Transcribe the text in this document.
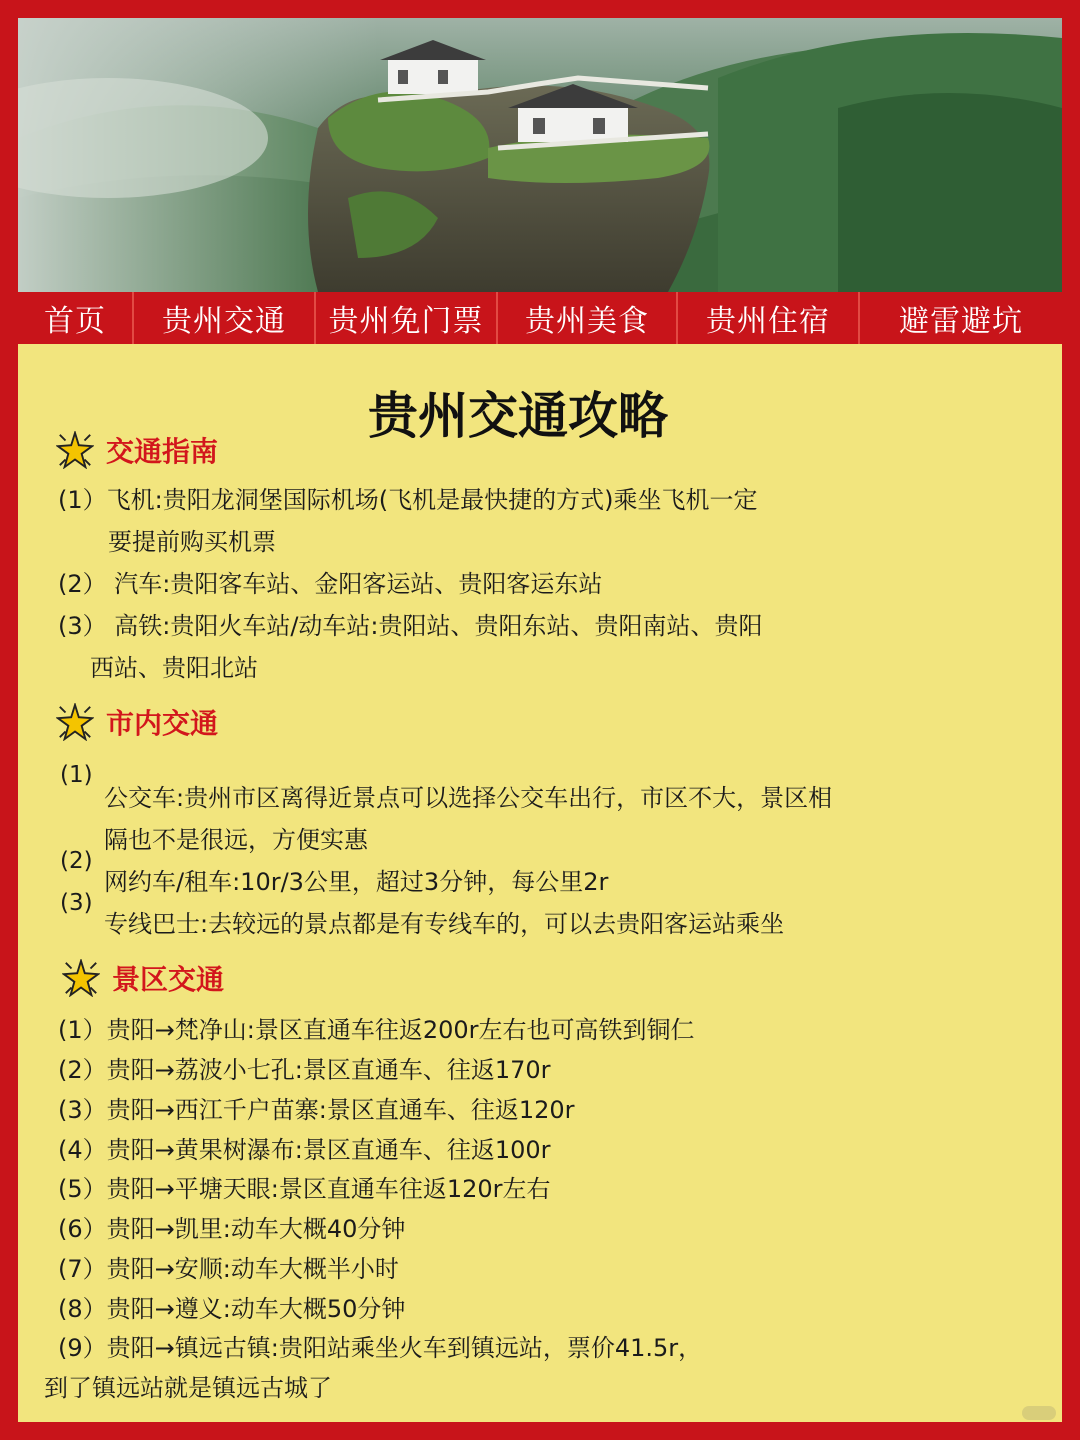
首页	贵州交通	贵州免门票	贵州美食	贵州住宿	避雷避坑
贵州交通攻略
交通指南
(1）飞机:贵阳龙洞堡国际机场(飞机是最快捷的方式)乘坐飞机一定
要提前购买机票
(2） 汽车:贵阳客车站、金阳客运站、贵阳客运东站
(3） 高铁:贵阳火车站/动车站:贵阳站、贵阳东站、贵阳南站、贵阳
西站、贵阳北站
市内交通
(1)
公交车:贵州市区离得近景点可以选择公交车出行，市区不大，景区相
隔也不是很远，方便实惠
(2)
网约车/租车:10r/3公里，超过3分钟，每公里2r
(3)
专线巴士:去较远的景点都是有专线车的，可以去贵阳客运站乘坐
景区交通
(1）贵阳→梵净山:景区直通车往返200r左右也可高铁到铜仁
(2）贵阳→荔波小七孔:景区直通车、往返170r
(3）贵阳→西江千户苗寨:景区直通车、往返120r
(4）贵阳→黄果树瀑布:景区直通车、往返100r
(5）贵阳→平塘天眼:景区直通车往返120r左右
(6）贵阳→凯里:动车大概40分钟
(7）贵阳→安顺:动车大概半小时
(8）贵阳→遵义:动车大概50分钟
(9）贵阳→镇远古镇:贵阳站乘坐火车到镇远站，票价41.5r，
到了镇远站就是镇远古城了
